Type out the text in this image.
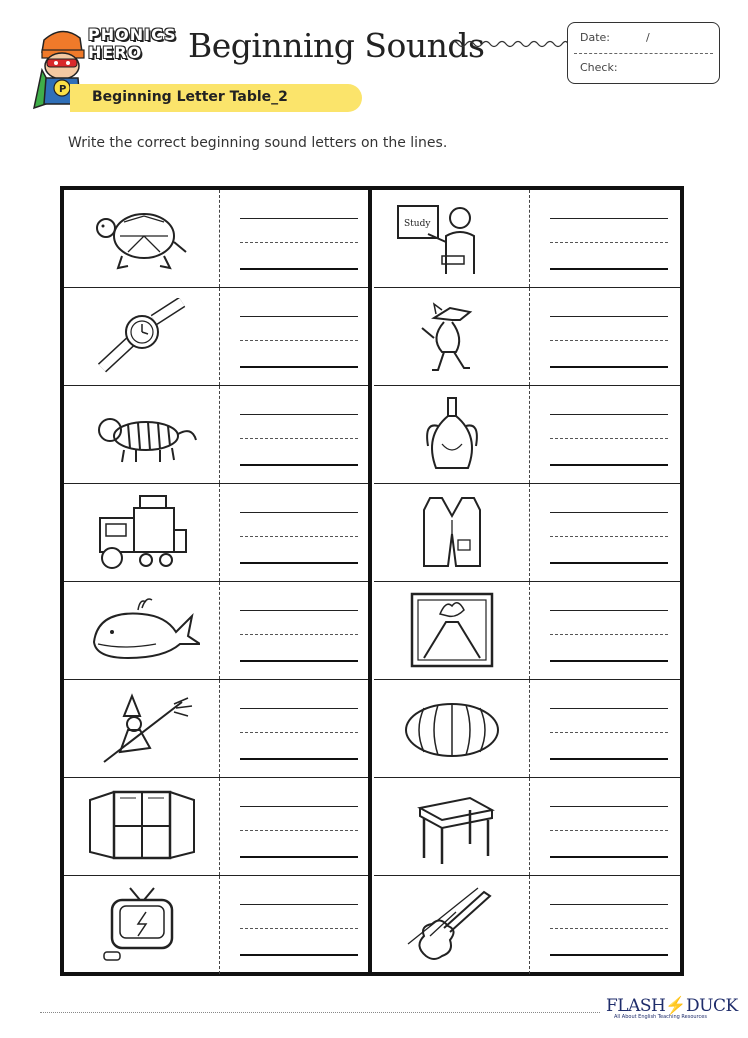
P
PHONICS
HERO	Beginning Sounds	Date:	/
Check:
Beginning Letter Table_2
Write the correct beginning sound letters on the lines.
Study
FLASH⚡DUCK
All About English Teaching Resources
